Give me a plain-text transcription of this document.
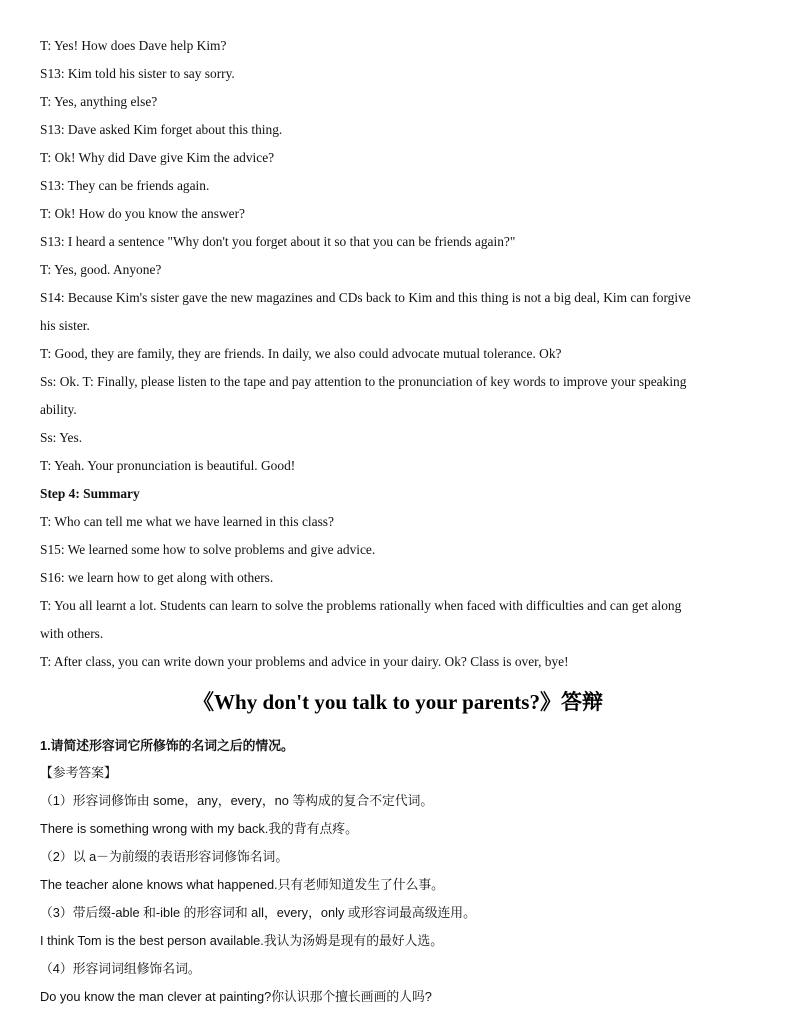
T: Yes! How does Dave help Kim?
S13: Kim told his sister to say sorry.
T: Yes, anything else?
S13: Dave asked Kim forget about this thing.
T: Ok! Why did Dave give Kim the advice?
S13: They can be friends again.
T: Ok! How do you know the answer?
S13: I heard a sentence "Why don't you forget about it so that you can be friends again?"
T: Yes, good. Anyone?
S14: Because Kim's sister gave the new magazines and CDs back to Kim and this thing is not a big deal, Kim can forgive
his sister.
T: Good, they are family, they are friends. In daily, we also could advocate mutual tolerance. Ok?
Ss: Ok. T: Finally, please listen to the tape and pay attention to the pronunciation of key words to improve your speaking
ability.
Ss: Yes.
T: Yeah. Your pronunciation is beautiful. Good!
Step 4: Summary
T: Who can tell me what we have learned in this class?
S15: We learned some how to solve problems and give advice.
S16: we learn how to get along with others.
T: You all learnt a lot. Students can learn to solve the problems rationally when faced with difficulties and can get along
with others.
T: After class, you can write down your problems and advice in your dairy. Ok? Class is over, bye!
《Why don't you talk to your parents?》答辩
1.请简述形容词它所修饰的名词之后的情况。
【参考答案】
（1）形容词修饰由 some，any，every，no 等构成的复合不定代词。
There is something wrong with my back.我的背有点疼。
（2）以 a－为前缀的表语形容词修饰名词。
The teacher alone knows what happened.只有老师知道发生了什么事。
（3）带后缀-able 和-ible 的形容词和 all，every，only 或形容词最高级连用。
I think Tom is the best person available.我认为汤姆是现有的最好人选。
（4）形容词词组修饰名词。
Do you know the man clever at painting?你认识那个擅长画画的人吗?
